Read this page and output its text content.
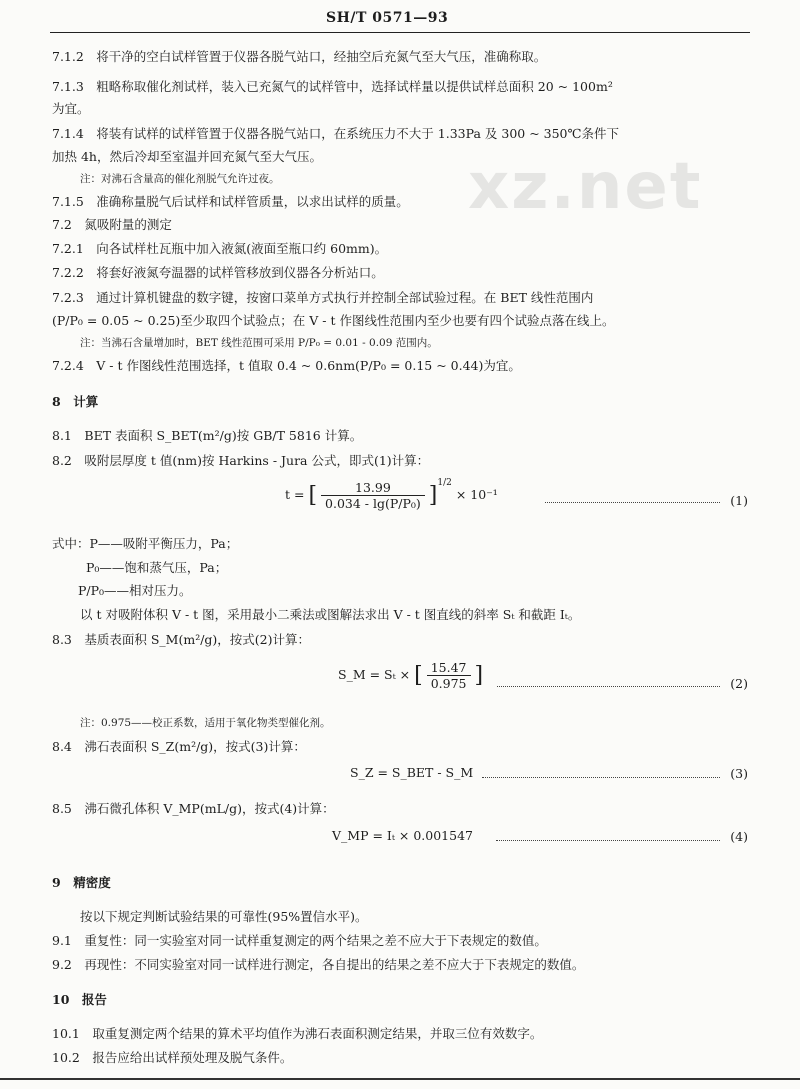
SH/T 0571—93
xz.net
7.1.2　将干净的空白试样管置于仪器各脱气站口，经抽空后充氮气至大气压，准确称取。
7.1.3　粗略称取催化剂试样，装入已充氮气的试样管中，选择试样量以提供试样总面积 20 ~ 100m²
为宜。
7.1.4　将装有试样的试样管置于仪器各脱气站口，在系统压力不大于 1.33Pa 及 300 ~ 350℃条件下
加热 4h，然后冷却至室温并回充氮气至大气压。
注：对沸石含量高的催化剂脱气允许过夜。
7.1.5　准确称量脱气后试样和试样管质量，以求出试样的质量。
7.2　氮吸附量的测定
7.2.1　向各试样杜瓦瓶中加入液氮(液面至瓶口约 60mm)。
7.2.2　将套好液氮夸温器的试样管移放到仪器各分析站口。
7.2.3　通过计算机键盘的数字键，按窗口菜单方式执行并控制全部试验过程。在 BET 线性范围内
(P/P₀ = 0.05 ~ 0.25)至少取四个试验点；在 V - t 作图线性范围内至少也要有四个试验点落在线上。
注：当沸石含量增加时，BET 线性范围可采用 P/P₀ = 0.01 - 0.09 范围内。
7.2.4　V - t 作图线性范围选择，t 值取 0.4 ~ 0.6nm(P/P₀ = 0.15 ~ 0.44)为宜。
8　计算
8.1　BET 表面积 S_BET(m²/g)按 GB/T 5816 计算。
8.2　吸附层厚度 t 值(nm)按 Harkins - Jura 公式，即式(1)计算：
t = [ $\frac{13.99}{\text{0.034 - lg(P/P₀)}} ]^{1/2} \times 10^{-1}$	(1)
式中：P——吸附平衡压力，Pa；
P₀——饱和蒸气压，Pa；
P/P₀——相对压力。
以 t 对吸附体积 V - t 图，采用最小二乘法或图解法求出 V - t 图直线的斜率 Sₜ 和截距 Iₜ。
8.3　基质表面积 S_M(m²/g)，按式(2)计算：
S_M = Sₜ × [ $\frac{15.47}{0.975}$ ]	(2)
注：0.975——校正系数，适用于氧化物类型催化剂。
8.4　沸石表面积 S_Z(m²/g)，按式(3)计算：
S_Z = S_BET - S_M	(3)
8.5　沸石微孔体积 V_MP(mL/g)，按式(4)计算：
V_MP = Iₜ × 0.001547	(4)
9　精密度
按以下规定判断试验结果的可靠性(95%置信水平)。
9.1　重复性：同一实验室对同一试样重复测定的两个结果之差不应大于下表规定的数值。
9.2　再现性：不同实验室对同一试样进行测定，各自提出的结果之差不应大于下表规定的数值。
10　报告
10.1　取重复测定两个结果的算术平均值作为沸石表面积测定结果，并取三位有效数字。
10.2　报告应给出试样预处理及脱气条件。
